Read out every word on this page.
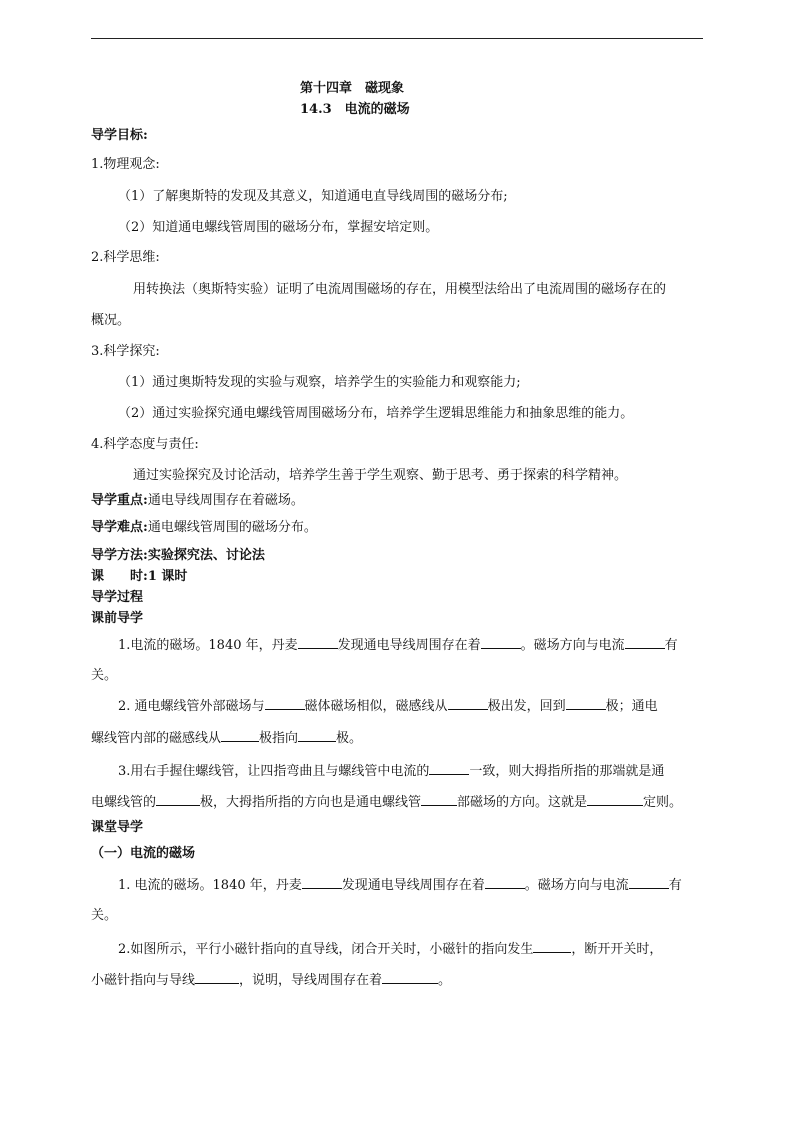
第十四章　磁现象
14.3　电流的磁场
导学目标:
1.物理观念:
（1）了解奥斯特的发现及其意义，知道通电直导线周围的磁场分布;
（2）知道通电螺线管周围的磁场分布，掌握安培定则。
2.科学思维:
用转换法（奥斯特实验）证明了电流周围磁场的存在，用模型法给出了电流周围的磁场存在的
概况。
3.科学探究:
（1）通过奥斯特发现的实验与观察，培养学生的实验能力和观察能力;
（2）通过实验探究通电螺线管周围磁场分布，培养学生逻辑思维能力和抽象思维的能力。
4.科学态度与责任:
通过实验探究及讨论活动，培养学生善于学生观察、勤于思考、勇于探索的科学精神。
导学重点:通电导线周围存在着磁场。
导学难点:通电螺线管周围的磁场分布。
导学方法:实验探究法、讨论法
课　　时:1 课时
导学过程
课前导学
1.电流的磁场。1840 年，丹麦	发现通电导线周围存在着	。磁场方向与电流	有
关。
2. 通电螺线管外部磁场与	磁体磁场相似，磁感线从	极出发，回到	极；通电
螺线管内部的磁感线从	极指向	极。
3.用右手握住螺线管，让四指弯曲且与螺线管中电流的	一致，则大拇指所指的那端就是通
电螺线管的	极，大拇指所指的方向也是通电螺线管	部磁场的方向。这就是	定则。
课堂导学
（一）电流的磁场
1. 电流的磁场。1840 年，丹麦	发现通电导线周围存在着	。磁场方向与电流	有
关。
2.如图所示，平行小磁针指向的直导线，闭合开关时，小磁针的指向发生	，断开开关时，
小磁针指向与导线	，说明，导线周围存在着	。
